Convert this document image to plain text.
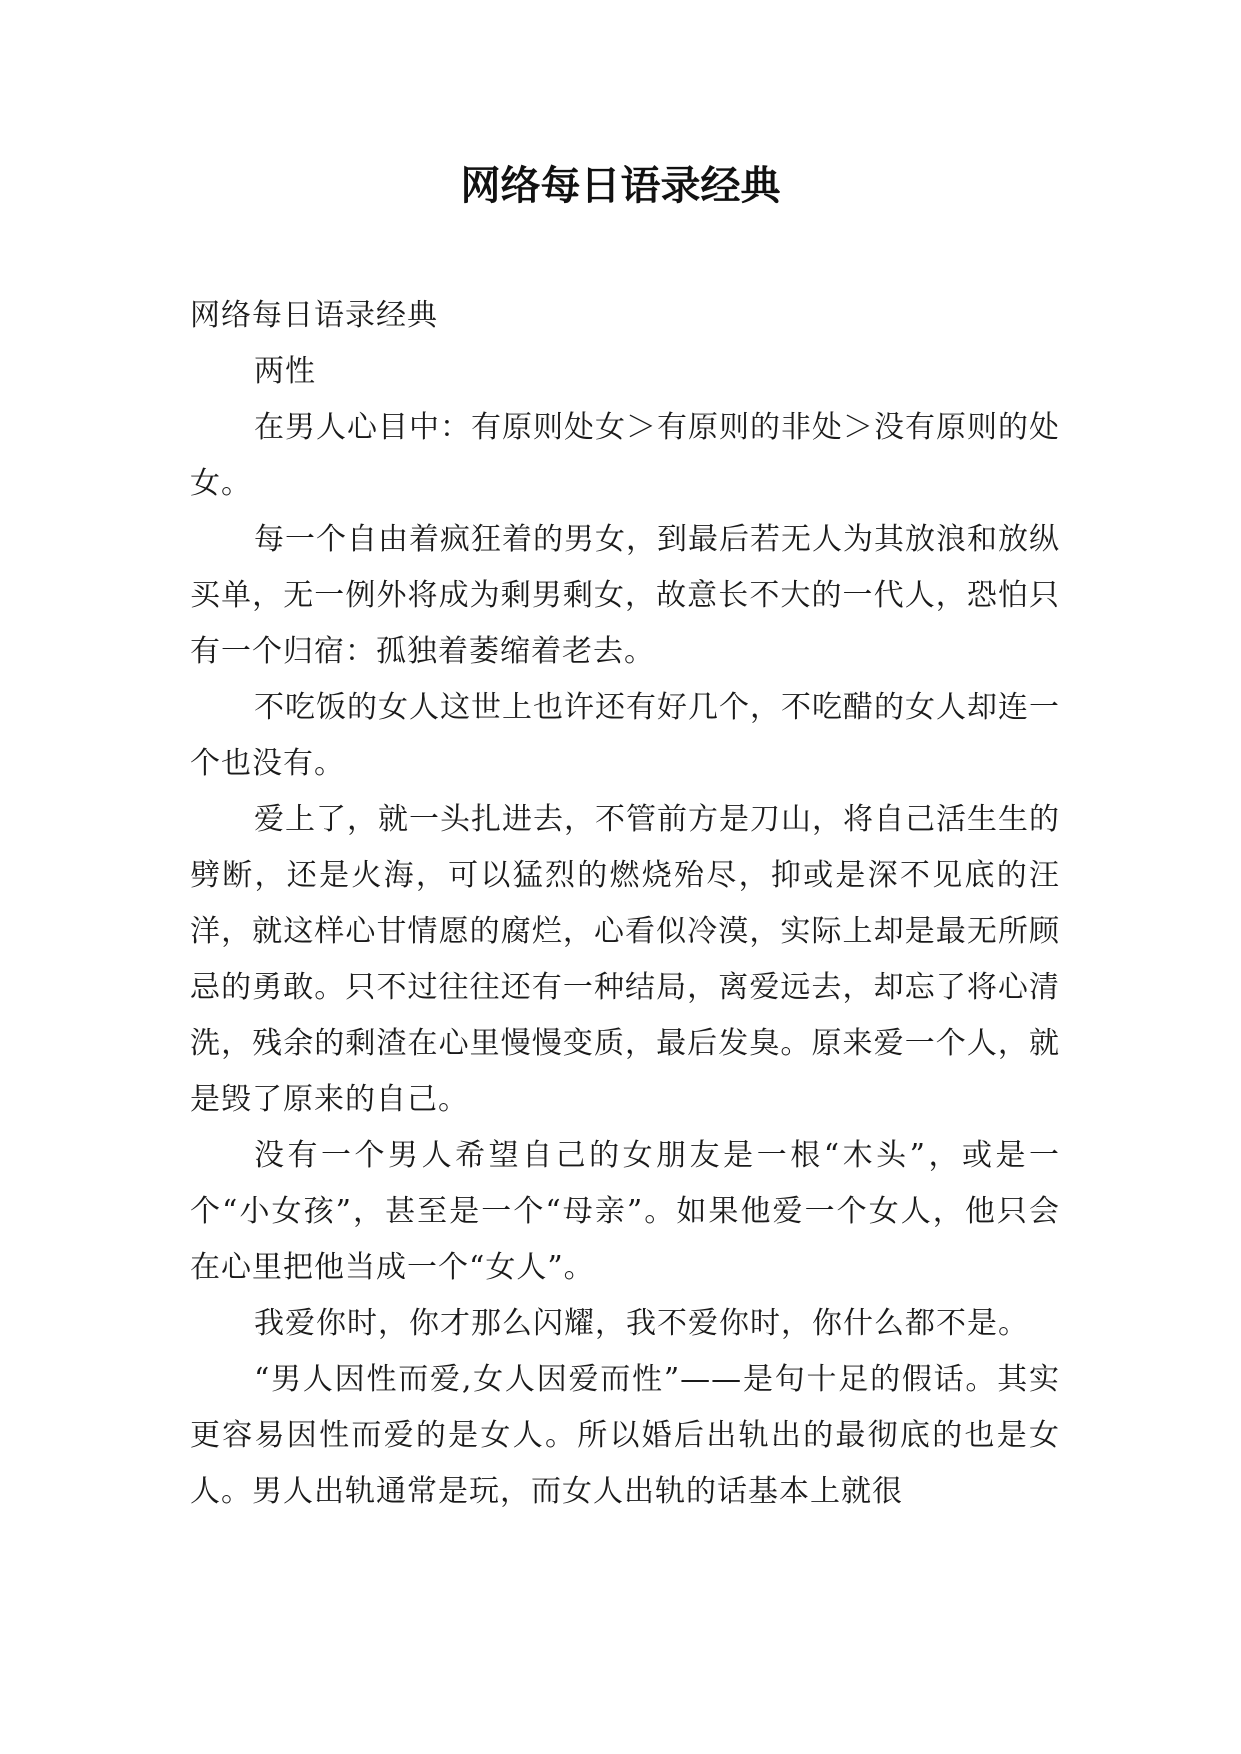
网络每日语录经典

网络每日语录经典

两性

在男人心目中：有原则处女＞有原则的非处＞没有原则的处女。

每一个自由着疯狂着的男女，到最后若无人为其放浪和放纵买单，无一例外将成为剩男剩女，故意长不大的一代人，恐怕只有一个归宿：孤独着萎缩着老去。

不吃饭的女人这世上也许还有好几个，不吃醋的女人却连一个也没有。

爱上了，就一头扎进去，不管前方是刀山，将自己活生生的劈断，还是火海，可以猛烈的燃烧殆尽，抑或是深不见底的汪洋，就这样心甘情愿的腐烂，心看似冷漠，实际上却是最无所顾忌的勇敢。只不过往往还有一种结局，离爱远去，却忘了将心清洗，残余的剩渣在心里慢慢变质，最后发臭。原来爱一个人，就是毁了原来的自己。

没有一个男人希望自己的女朋友是一根“木头”，或是一个“小女孩”，甚至是一个“母亲”。如果他爱一个女人，他只会在心里把他当成一个“女人”。

我爱你时，你才那么闪耀，我不爱你时，你什么都不是。

“男人因性而爱,女人因爱而性”——是句十足的假话。其实更容易因性而爱的是女人。所以婚后出轨出的最彻底的也是女人。男人出轨通常是玩，而女人出轨的话基本上就很
